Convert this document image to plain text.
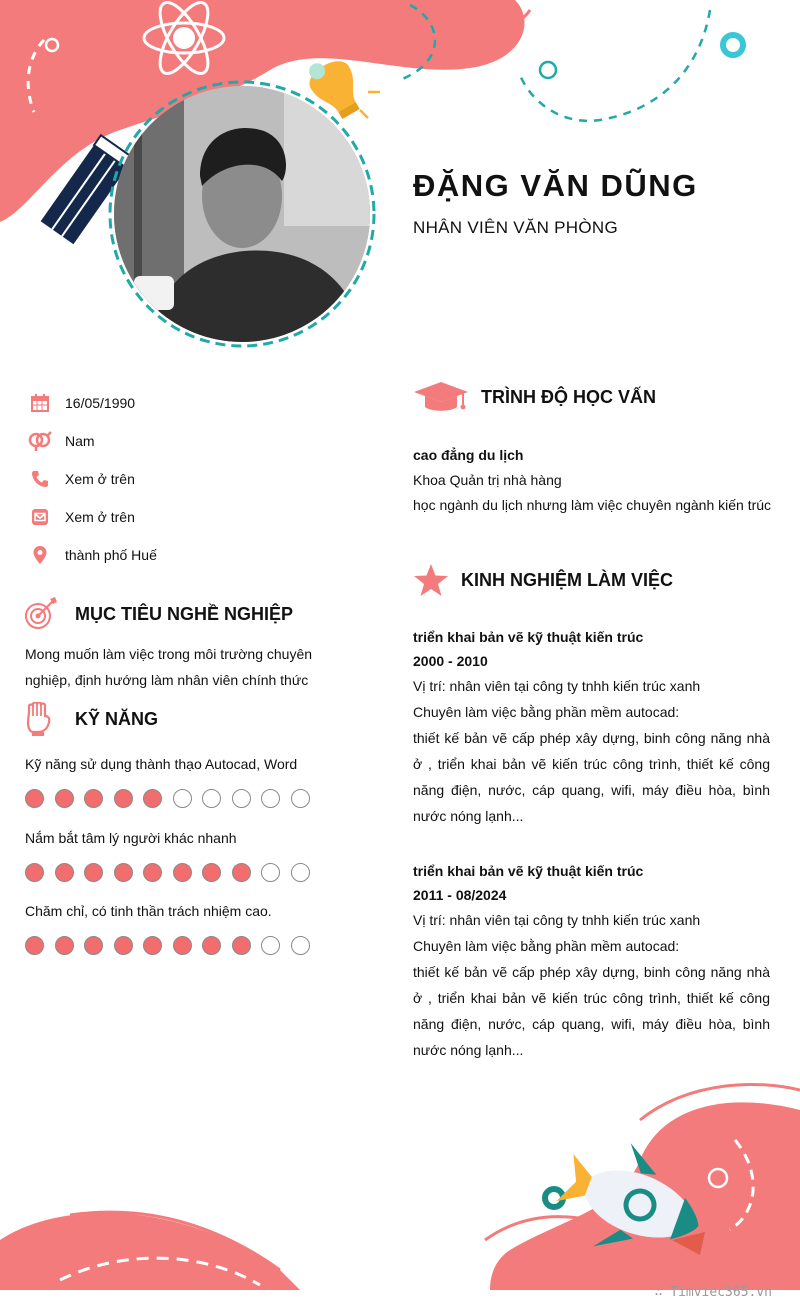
ĐẶNG VĂN DŨNG

NHÂN VIÊN VĂN PHÒNG

16/05/1990
Nam
Xem ở trên
Xem ở trên
thành phố Huế
MỤC TIÊU NGHỀ NGHIỆP

Mong muốn làm việc trong môi trường chuyên
nghiệp, định hướng làm nhân viên chính thức

KỸ NĂNG

Kỹ năng sử dụng thành thạo Autocad, Word

Nắm bắt tâm lý người khác nhanh

Chăm chỉ, có tinh thần trách nhiệm cao.

TRÌNH ĐỘ HỌC VẤN

cao đẳng du lịch

Khoa Quản trị nhà hàng

học ngành du lịch nhưng làm việc chuyên ngành kiến trúc

KINH NGHIỆM LÀM VIỆC

triển khai bản vẽ kỹ thuật kiến trúc

2000 - 2010

Vị trí: nhân viên tại công ty tnhh kiến trúc xanh

Chuyên làm việc bằng phần mềm autocad:

thiết kế bản vẽ cấp phép xây dựng, binh công năng nhà ở , triển khai bản vẽ kiến trúc công trình, thiết kế công năng điện, nước, cáp quang, wifi, máy điều hòa, bình nước nóng lạnh...

triển khai bản vẽ kỹ thuật kiến trúc

2011 - 08/2024

Vị trí: nhân viên tại công ty tnhh kiến trúc xanh

Chuyên làm việc bằng phần mềm autocad:

thiết kế bản vẽ cấp phép xây dựng, binh công năng nhà ở , triển khai bản vẽ kiến trúc công trình, thiết kế công năng điện, nước, cáp quang, wifi, máy điều hòa, bình nước nóng lạnh...

∴ Timviec365.vn
